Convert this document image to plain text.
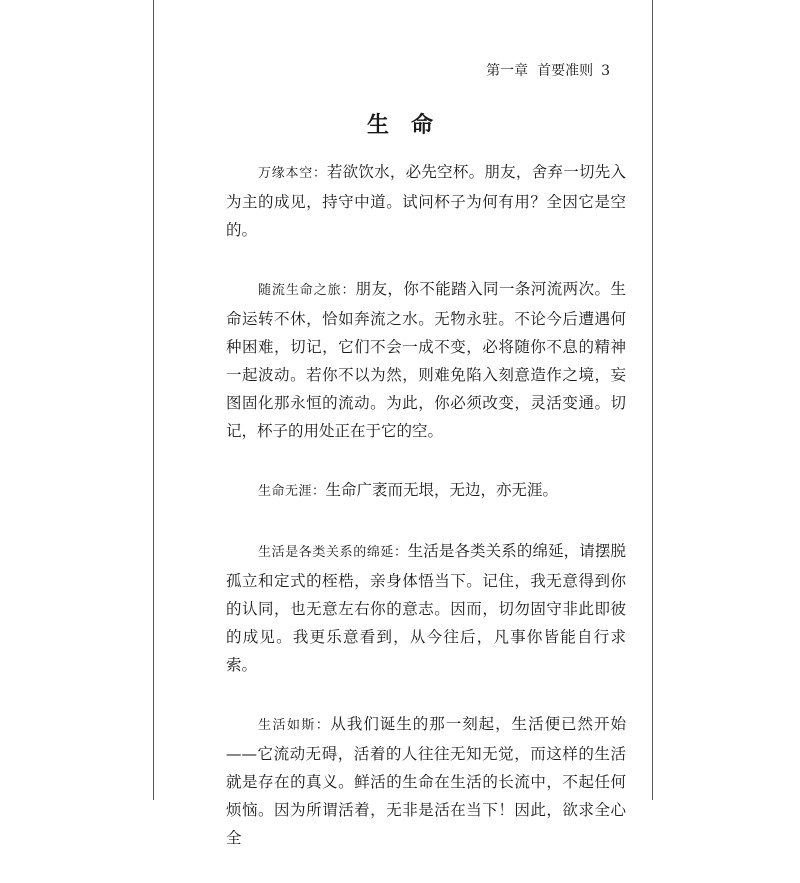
第一章 首要准则 3
生命

万缘本空：若欲饮水，必先空杯。朋友，舍弃一切先入为主的成见，持守中道。试问杯子为何有用？全因它是空的。

随流生命之旅：朋友，你不能踏入同一条河流两次。生命运转不休，恰如奔流之水。无物永驻。不论今后遭遇何种困难，切记，它们不会一成不变，必将随你不息的精神一起波动。若你不以为然，则难免陷入刻意造作之境，妄图固化那永恒的流动。为此，你必须改变，灵活变通。切记，杯子的用处正在于它的空。

生命无涯：生命广袤而无垠，无边，亦无涯。

生活是各类关系的绵延：生活是各类关系的绵延，请摆脱孤立和定式的桎梏，亲身体悟当下。记住，我无意得到你的认同，也无意左右你的意志。因而，切勿固守非此即彼的成见。我更乐意看到，从今往后，凡事你皆能自行求索。

生活如斯：从我们诞生的那一刻起，生活便已然开始——它流动无碍，活着的人往往无知无觉，而这样的生活就是存在的真义。鲜活的生命在生活的长流中，不起任何烦恼。因为所谓活着，无非是活在当下！因此，欲求全心全
